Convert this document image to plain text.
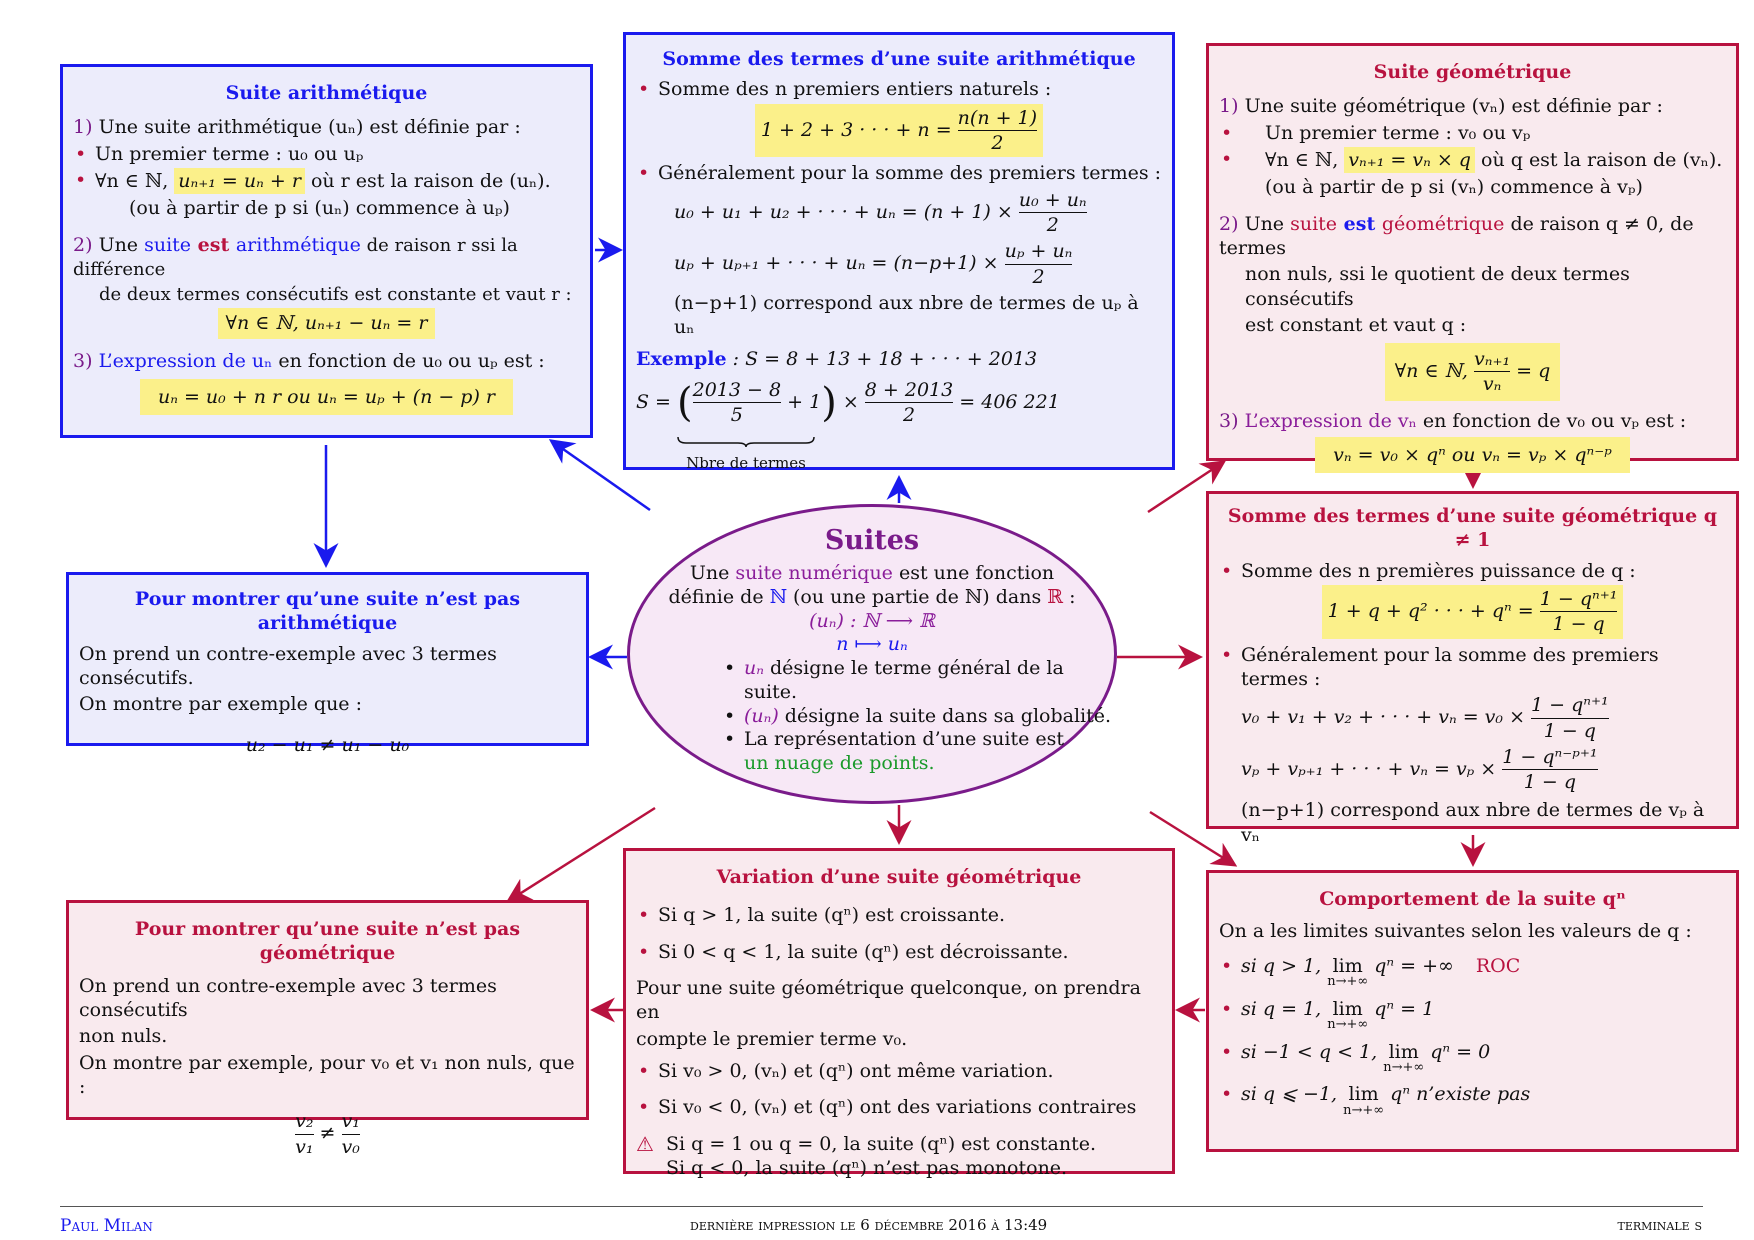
Suite arithmétique
1) Une suite arithmétique (uₙ) est définie par :
• Un premier terme : u₀ ou uₚ
• ∀n ∈ ℕ, uₙ₊₁ = uₙ + r où r est la raison de (uₙ).
(ou à partir de p si (uₙ) commence à uₚ)
2) Une suite est arithmétique de raison r ssi la différence
de deux termes consécutifs est constante et vaut r :
∀n ∈ ℕ, uₙ₊₁ − uₙ = r
3) L’expression de uₙ en fonction de u₀ ou uₚ est :
uₙ = u₀ + n r ou uₙ = uₚ + (n − p) r
Somme des termes d’une suite arithmétique
• Somme des n premiers entiers naturels :
1 + 2 + 3 · · · + $n = \frac{n(n + 1)}{2}$
• Généralement pour la somme des premiers termes :
u₀ + u₁ + u₂ + · · · + $u_n = (n + 1) \times \frac{\text{u₀ + uₙ}}{2}$
uₚ + uₚ₊₁ + · · · + $u_n = (n-p+1) \times \frac{\text{uₚ + uₙ}}{2}$
(n−p+1) correspond aux nbre de termes de uₚ à uₙ
Exemple : S = 8 + 13 + 18 + · · · + 2013
S = ( $\frac{2013 - 8}{5} + 1) \times \frac{8 + 2013}{2} = 406$ 221
Nbre de termes
Suite géométrique
1) Une suite géométrique (vₙ) est définie par :
• Un premier terme : v₀ ou vₚ
• ∀n ∈ ℕ, vₙ₊₁ = vₙ × q où q est la raison de (vₙ).
(ou à partir de p si (vₙ) commence à vₚ)
2) Une suite est géométrique de raison q ≠ 0, de termes
non nuls, ssi le quotient de deux termes consécutifs
est constant et vaut q :
∀n ∈ ℕ, $\frac{\text{vₙ₊₁}}{\text{vₙ}} = q$
3) L’expression de vₙ en fonction de v₀ ou vₚ est :
vₙ = v₀ × qⁿ ou vₙ = vₚ × qⁿ⁻ᵖ
Somme des termes d’une suite géométrique q ≠ 1
• Somme des n premières puissance de q :
1 + q + q² · · · + $q^n = \frac{\text{1 − qⁿ⁺¹}}{1 - q}$
• Généralement pour la somme des premiers termes :
v₀ + v₁ + v₂ + · · · + $v_n = v_0 \times \frac{\text{1 − qⁿ⁺¹}}{1 - q}$
vₚ + vₚ₊₁ + · · · + $v_n = v_p \times \frac{\text{1 − qⁿ⁻ᵖ⁺¹}}{1 - q}$
(n−p+1) correspond aux nbre de termes de vₚ à vₙ
Suites
Une suite numérique est une fonction
définie de ℕ (ou une partie de ℕ) dans ℝ :
(uₙ) : ℕ ⟶ ℝ
n ⟼ uₙ
• uₙ désigne le terme général de la suite.
• (uₙ) désigne la suite dans sa globalité.
• La représentation d’une suite est un nuage de points.
Pour montrer qu’une suite n’est pas arithmétique
On prend un contre-exemple avec 3 termes consécutifs.
On montre par exemple que :
u₂ − u₁ ≠ u₁ − u₀
Pour montrer qu’une suite n’est pas géométrique
On prend un contre-exemple avec 3 termes consécutifs
non nuls.
On montre par exemple, pour v₀ et v₁ non nuls, que :
$\frac{\text{v₂}}{\text{v₁}} \ne \frac{\text{v₁}}{\text{v₀}}$
Variation d’une suite géométrique
• Si q > 1, la suite (qⁿ) est croissante.
• Si 0 < q < 1, la suite (qⁿ) est décroissante.
Pour une suite géométrique quelconque, on prendra en
compte le premier terme v₀.
• Si v₀ > 0, (vₙ) et (qⁿ) ont même variation.
• Si v₀ < 0, (vₙ) et (qⁿ) ont des variations contraires
⚠ Si q = 1 ou q = 0, la suite (qⁿ) est constante.
Si q < 0, la suite (qⁿ) n’est pas monotone.
Comportement de la suite qⁿ
On a les limites suivantes selon les valeurs de q :
• si q > 1, lim
n→+∞
qⁿ = +∞ ROC
• si q = 1, lim
n→+∞
qⁿ = 1
• si −1 < q < 1, lim
n→+∞
qⁿ = 0
• si q ⩽ −1, lim
n→+∞
qⁿ n’existe pas
Paul Milan	dernière impression le 6 décembre 2016 à 13:49	terminale s
